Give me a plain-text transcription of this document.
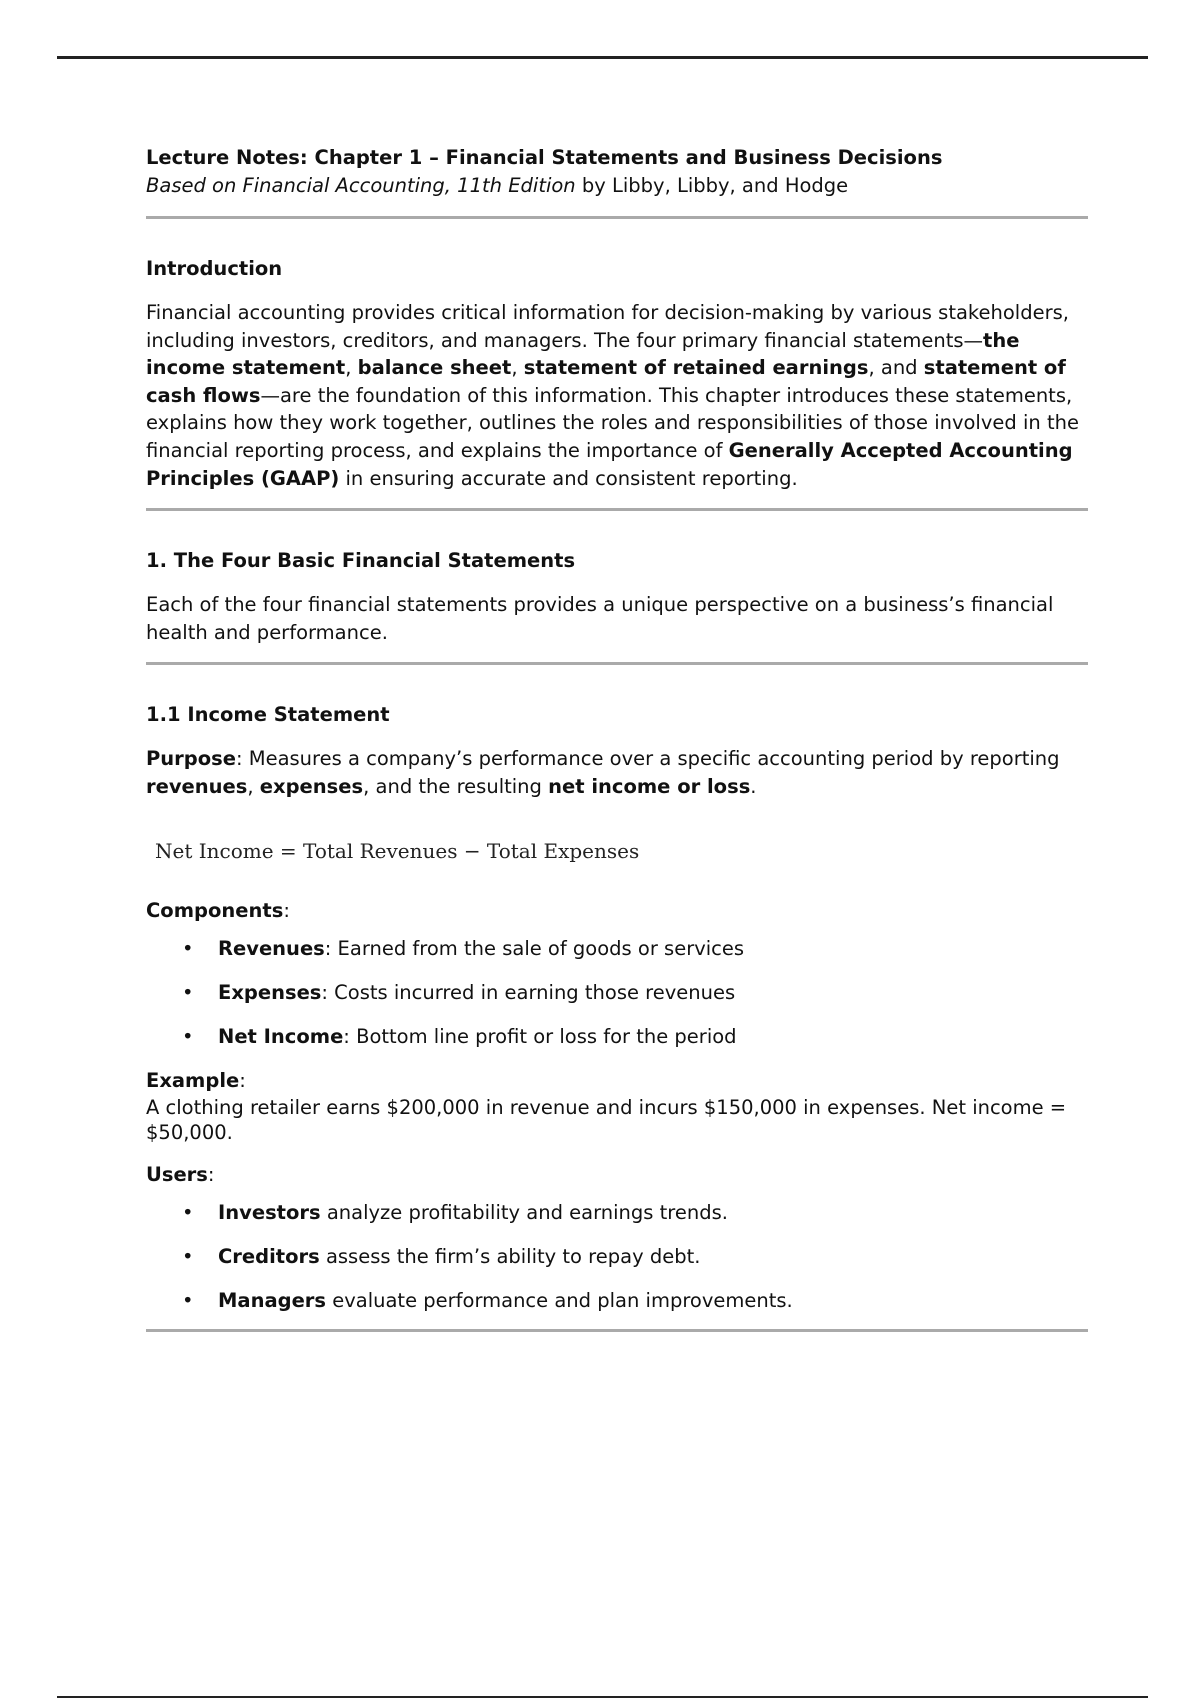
Lecture Notes: Chapter 1 – Financial Statements and Business Decisions
Based on Financial Accounting, 11th Edition by Libby, Libby, and Hodge
Introduction

Financial accounting provides critical information for decision-making by various stakeholders, including investors, creditors, and managers. The four primary financial statements—the income statement, balance sheet, statement of retained earnings, and statement of cash flows—are the foundation of this information. This chapter introduces these statements, explains how they work together, outlines the roles and responsibilities of those involved in the financial reporting process, and explains the importance of Generally Accepted Accounting Principles (GAAP) in ensuring accurate and consistent reporting.

1. The Four Basic Financial Statements

Each of the four financial statements provides a unique perspective on a business’s financial health and performance.

1.1 Income Statement

Purpose: Measures a company’s performance over a specific accounting period by reporting revenues, expenses, and the resulting net income or loss.

Net Income = Total Revenues − Total Expenses
Components:
• Revenues: Earned from the sale of goods or services
• Expenses: Costs incurred in earning those revenues
• Net Income: Bottom line profit or loss for the period
Example:

A clothing retailer earns $200,000 in revenue and incurs $150,000 in expenses. Net income = $50,000.

Users:
• Investors analyze profitability and earnings trends.
• Creditors assess the firm’s ability to repay debt.
• Managers evaluate performance and plan improvements.
